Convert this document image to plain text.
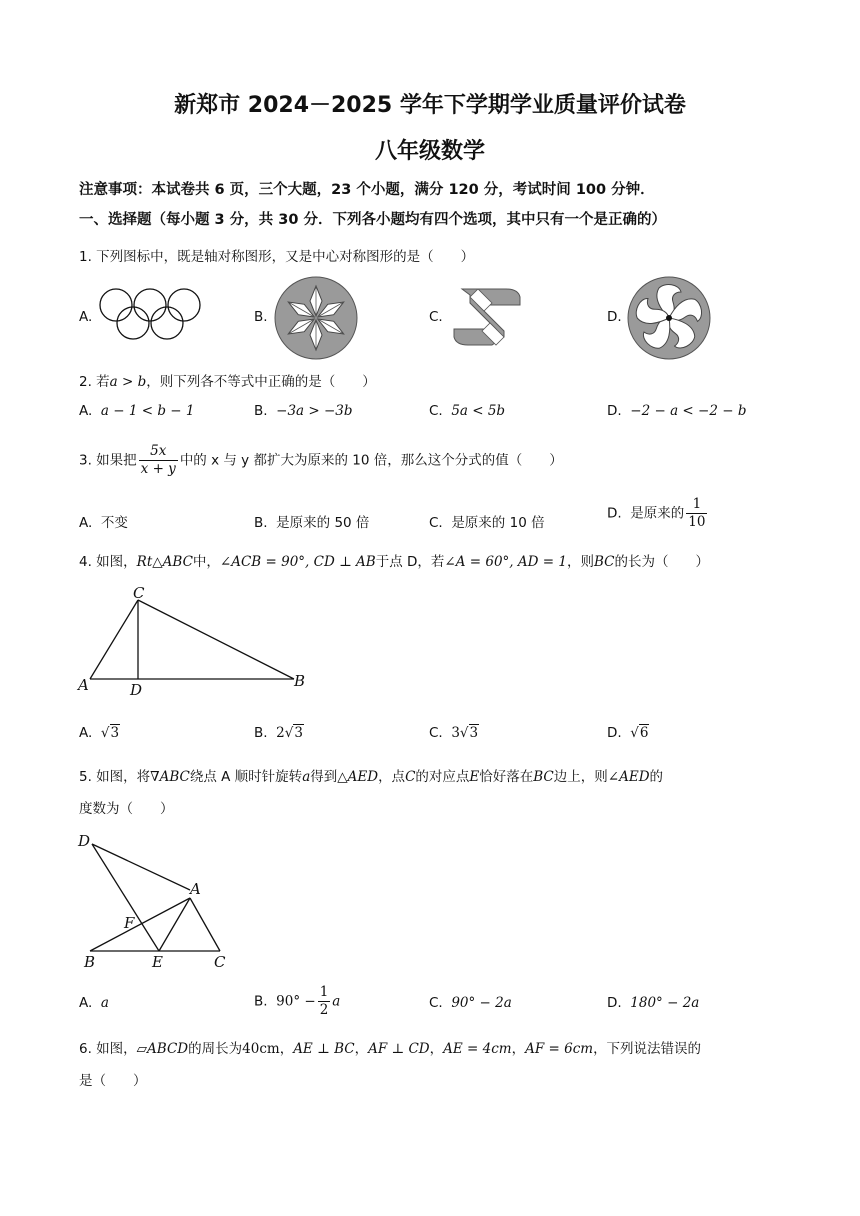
新郑市 2024－2025 学年下学期学业质量评价试卷
八年级数学
注意事项：本试卷共 6 页，三个大题，23 个小题，满分 120 分，考试时间 100 分钟．
一、选择题（每小题 3 分，共 30 分．下列各小题均有四个选项，其中只有一个是正确的）
1. 下列图标中，既是轴对称图形，又是中心对称图形的是（　　）
A.	B.	C.	D.
2. 若a > b，则下列各不等式中正确的是（　　）
A. a − 1 < b − 1	B. −3a > −3b	C. 5a < 5b	D. −2 − a < −2 − b
3. 如果把 $\frac{5x}{x + y}$ 中的 x 与 y 都扩大为原来的 10 倍，那么这个分式的值（　　）
A. 不变	B. 是原来的 50 倍	C. 是原来的 10 倍
D. 是原来的 $\frac{1}{10}$
4. 如图，Rt△ABC中，∠ACB = 90°, CD ⊥ AB于点 D，若∠A = 60°, AD = 1，则BC的长为（　　）
C
A	D	B
A. √3	B. 2√3	C. 3√3	D. √6
5. 如图，将∇ABC绕点 A 顺时针旋转a得到△AED，点C的对应点E恰好落在BC边上，则∠AED的
度数为（　　）
D
A
F
B	E	C
A. a	B. $90^\circ - \frac{1}{2}$ a	C. 90° − 2a	D. 180° − 2a
6. 如图，▱ABCD的周长为40cm，AE ⊥ BC，AF ⊥ CD，AE = 4cm，AF = 6cm，下列说法错误的
是（　　）
